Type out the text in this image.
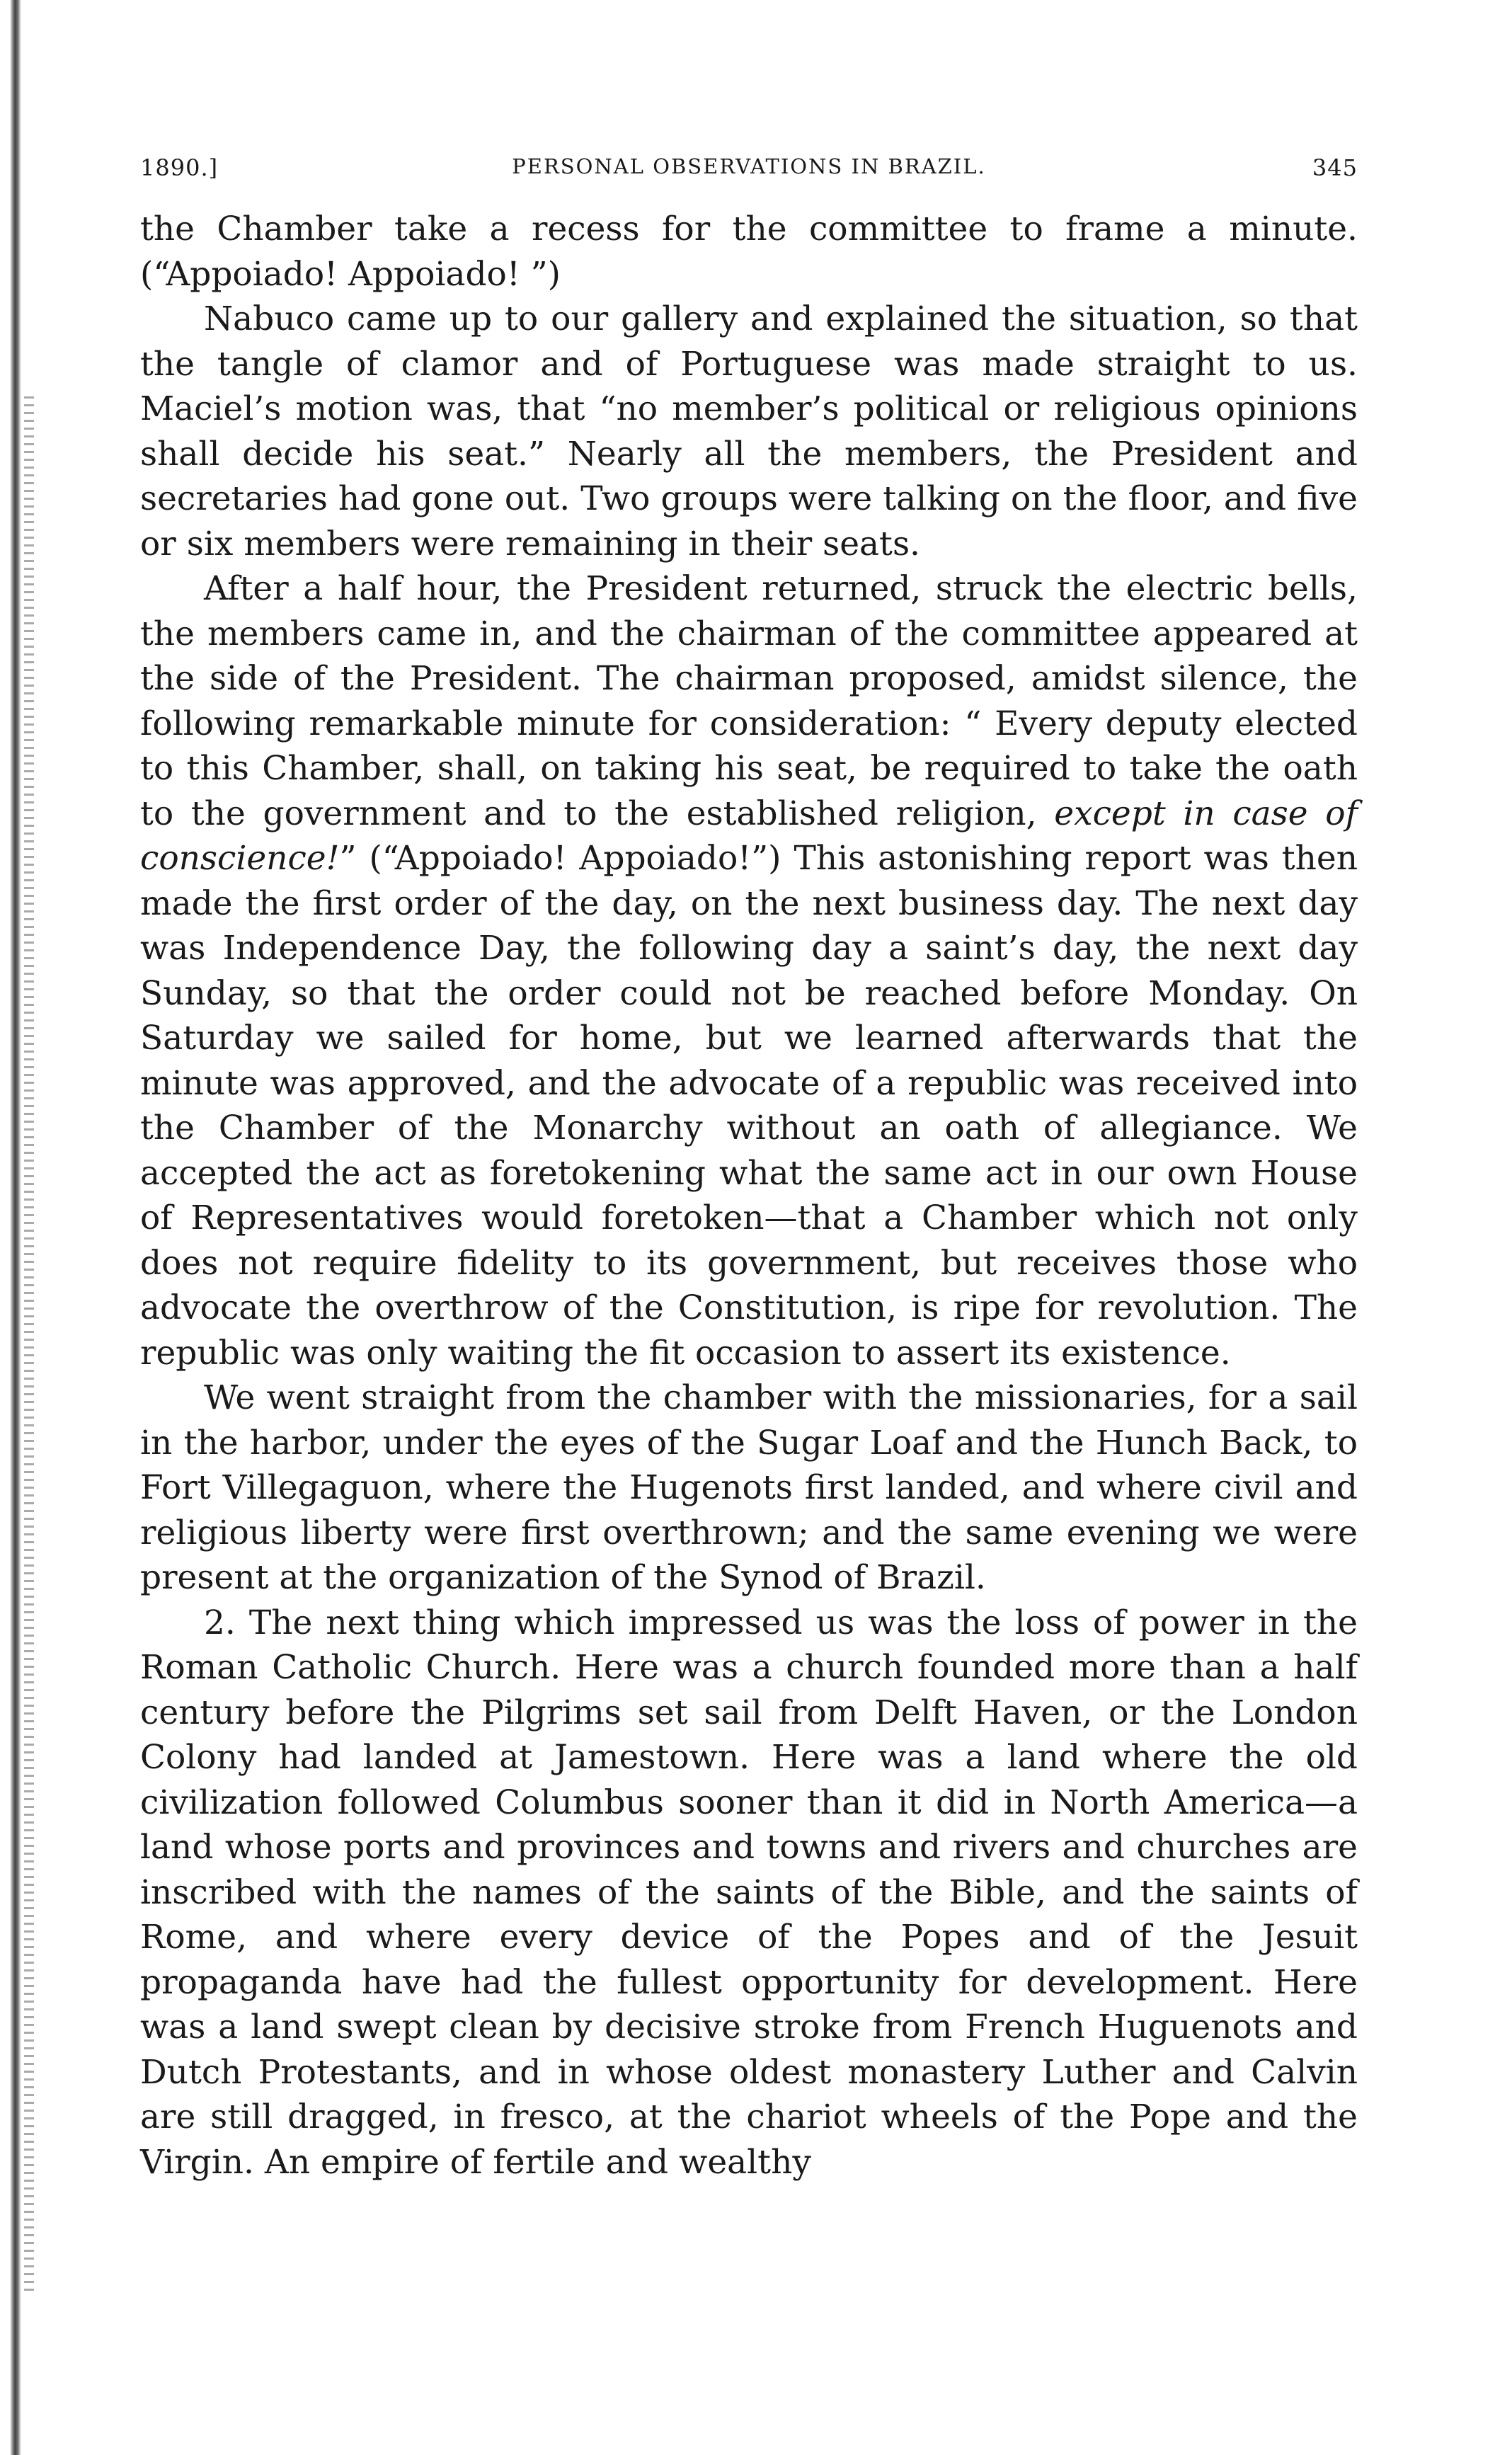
1890.]	PERSONAL OBSERVATIONS IN BRAZIL.	345

the Chamber take a recess for the committee to frame a minute. (“Appoiado! Appoiado! ”)

Nabuco came up to our gallery and explained the situation, so that the tangle of clamor and of Portuguese was made straight to us. Maciel’s motion was, that “no member’s political or religious opinions shall decide his seat.” Nearly all the members, the President and secretaries had gone out. Two groups were talking on the floor, and five or six members were remaining in their seats.

After a half hour, the President returned, struck the electric bells, the members came in, and the chairman of the committee appeared at the side of the President. The chairman proposed, amidst silence, the following remarkable minute for consideration: “ Every deputy elected to this Chamber, shall, on taking his seat, be required to take the oath to the government and to the established religion, except in case of conscience!” (“Appoiado! Appoiado!”) This astonishing report was then made the first order of the day, on the next business day. The next day was Independence Day, the following day a saint’s day, the next day Sunday, so that the order could not be reached before Monday. On Saturday we sailed for home, but we learned afterwards that the minute was approved, and the advocate of a republic was received into the Chamber of the Monarchy without an oath of allegiance. We accepted the act as foretokening what the same act in our own House of Representatives would foretoken—that a Chamber which not only does not require fidelity to its government, but receives those who advocate the overthrow of the Constitution, is ripe for revolution. The republic was only waiting the fit occasion to assert its existence.

We went straight from the chamber with the missionaries, for a sail in the harbor, under the eyes of the Sugar Loaf and the Hunch Back, to Fort Villegaguon, where the Hugenots first landed, and where civil and religious liberty were first overthrown; and the same evening we were present at the organization of the Synod of Brazil.

2. The next thing which impressed us was the loss of power in the Roman Catholic Church. Here was a church founded more than a half century before the Pilgrims set sail from Delft Haven, or the London Colony had landed at Jamestown. Here was a land where the old civilization followed Columbus sooner than it did in North America—a land whose ports and provinces and towns and rivers and churches are inscribed with the names of the saints of the Bible, and the saints of Rome, and where every device of the Popes and of the Jesuit propaganda have had the fullest opportunity for development. Here was a land swept clean by decisive stroke from French Huguenots and Dutch Protestants, and in whose oldest monastery Luther and Calvin are still dragged, in fresco, at the chariot wheels of the Pope and the Virgin. An empire of fertile and wealthy
